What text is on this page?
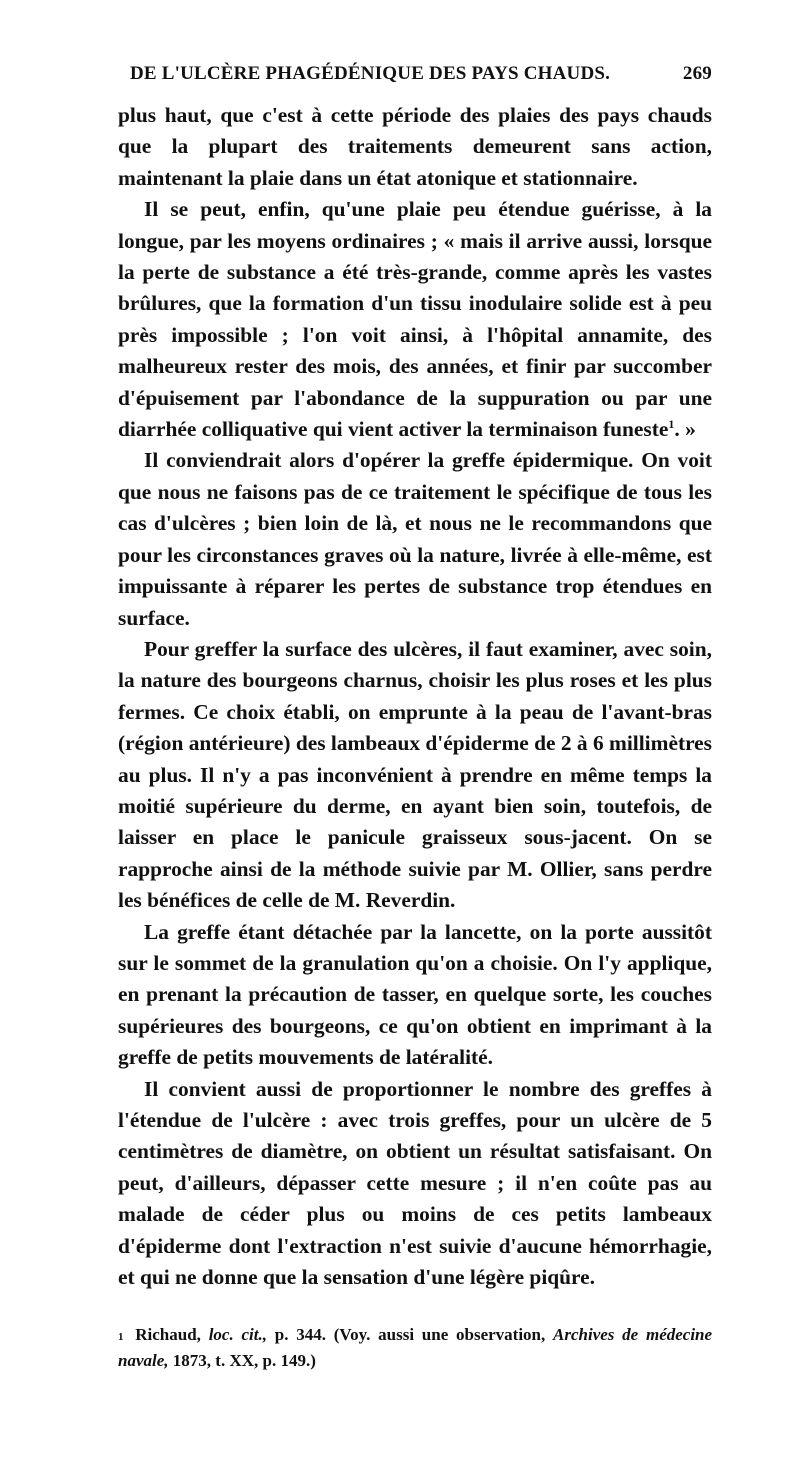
DE L'ULCÈRE PHAGÉDÉNIQUE DES PAYS CHAUDS.	269

plus haut, que c'est à cette période des plaies des pays chauds que la plupart des traitements demeurent sans action, maintenant la plaie dans un état atonique et stationnaire.

Il se peut, enfin, qu'une plaie peu étendue guérisse, à la longue, par les moyens ordinaires ; « mais il arrive aussi, lorsque la perte de substance a été très-grande, comme après les vastes brûlures, que la formation d'un tissu inodulaire solide est à peu près impossible ; l'on voit ainsi, à l'hôpital annamite, des malheureux rester des mois, des années, et finir par succomber d'épuisement par l'abondance de la suppuration ou par une diarrhée colliquative qui vient activer la terminaison funeste$^1$. »

Il conviendrait alors d'opérer la greffe épidermique. On voit que nous ne faisons pas de ce traitement le spécifique de tous les cas d'ulcères ; bien loin de là, et nous ne le recommandons que pour les circonstances graves où la nature, livrée à elle-même, est impuissante à réparer les pertes de substance trop étendues en surface.

Pour greffer la surface des ulcères, il faut examiner, avec soin, la nature des bourgeons charnus, choisir les plus roses et les plus fermes. Ce choix établi, on emprunte à la peau de l'avant-bras (région antérieure) des lambeaux d'épiderme de 2 à 6 millimètres au plus. Il n'y a pas inconvénient à prendre en même temps la moitié supérieure du derme, en ayant bien soin, toutefois, de laisser en place le panicule graisseux sous-jacent. On se rapproche ainsi de la méthode suivie par M. Ollier, sans perdre les bénéfices de celle de M. Reverdin.

La greffe étant détachée par la lancette, on la porte aussitôt sur le sommet de la granulation qu'on a choisie. On l'y applique, en prenant la précaution de tasser, en quelque sorte, les couches supérieures des bourgeons, ce qu'on obtient en imprimant à la greffe de petits mouvements de latéralité.

Il convient aussi de proportionner le nombre des greffes à l'étendue de l'ulcère : avec trois greffes, pour un ulcère de 5 centimètres de diamètre, on obtient un résultat satisfaisant. On peut, d'ailleurs, dépasser cette mesure ; il n'en coûte pas au malade de céder plus ou moins de ces petits lambeaux d'épiderme dont l'extraction n'est suivie d'aucune hémorrhagie, et qui ne donne que la sensation d'une légère piqûre.

$^1$ Richaud, loc. cit., p. 344. (Voy. aussi une observation, Archives de médecine navale, 1873, t. XX, p. 149.)
